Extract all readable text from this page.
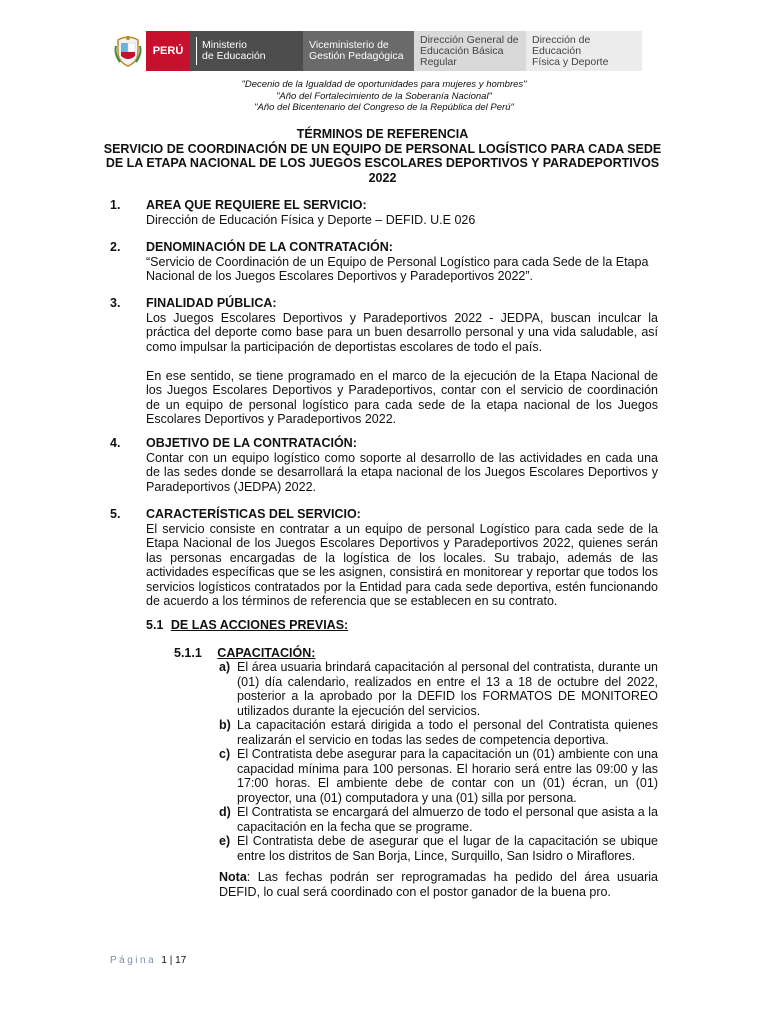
PERÚ	Ministerio
de Educación
Viceministerio de
Gestión Pedagógica
Dirección General de
Educación Básica Regular
Dirección de Educación
Física y Deporte
"Decenio de la Igualdad de oportunidades para mujeres y hombres"
"Año del Fortalecimiento de la Soberanía Nacional"
"Año del Bicentenario del Congreso de la República del Perú"
TÉRMINOS DE REFERENCIA
SERVICIO DE COORDINACIÓN DE UN EQUIPO DE PERSONAL LOGÍSTICO PARA CADA SEDE DE LA ETAPA NACIONAL DE LOS JUEGOS ESCOLARES DEPORTIVOS Y PARADEPORTIVOS 2022
1. AREA QUE REQUIERE EL SERVICIO:
Dirección de Educación Física y Deporte – DEFID. U.E 026
2. DENOMINACIÓN DE LA CONTRATACIÓN:
“Servicio de Coordinación de un Equipo de Personal Logístico para cada Sede de la Etapa Nacional de los Juegos Escolares Deportivos y Paradeportivos 2022”.
3. FINALIDAD PÚBLICA:
Los Juegos Escolares Deportivos y Paradeportivos 2022 - JEDPA, buscan inculcar la práctica del deporte como base para un buen desarrollo personal y una vida saludable, así como impulsar la participación de deportistas escolares de todo el país.
En ese sentido, se tiene programado en el marco de la ejecución de la Etapa Nacional de los Juegos Escolares Deportivos y Paradeportivos, contar con el servicio de coordinación de un equipo de personal logístico para cada sede de la etapa nacional de los Juegos Escolares Deportivos y Paradeportivos 2022.
4. OBJETIVO DE LA CONTRATACIÓN:
Contar con un equipo logístico como soporte al desarrollo de las actividades en cada una de las sedes donde se desarrollará la etapa nacional de los Juegos Escolares Deportivos y Paradeportivos (JEDPA) 2022.
5. CARACTERÍSTICAS DEL SERVICIO:
El servicio consiste en contratar a un equipo de personal Logístico para cada sede de la Etapa Nacional de los Juegos Escolares Deportivos y Paradeportivos 2022, quienes serán las personas encargadas de la logística de los locales. Su trabajo, además de las actividades específicas que se les asignen, consistirá en monitorear y reportar que todos los servicios logísticos contratados por la Entidad para cada sede deportiva, estén funcionando de acuerdo a los términos de referencia que se establecen en su contrato.
5.1 DE LAS ACCIONES PREVIAS:
5.1.1 CAPACITACIÓN:
a) El área usuaria brindará capacitación al personal del contratista, durante un (01) día calendario, realizados en entre el 13 a 18 de octubre del 2022, posterior a la aprobado por la DEFID los FORMATOS DE MONITOREO utilizados durante la ejecución del servicios.
b) La capacitación estará dirigida a todo el personal del Contratista quienes realizarán el servicio en todas las sedes de competencia deportiva.
c) El Contratista debe asegurar para la capacitación un (01) ambiente con una capacidad mínima para 100 personas. El horario será entre las 09:00 y las 17:00 horas. El ambiente debe de contar con un (01) écran, un (01) proyector, una (01) computadora y una (01) silla por persona.
d) El Contratista se encargará del almuerzo de todo el personal que asista a la capacitación en la fecha que se programe.
e) El Contratista debe de asegurar que el lugar de la capacitación se ubique entre los distritos de San Borja, Lince, Surquillo, San Isidro o Miraflores.
Nota: Las fechas podrán ser reprogramadas ha pedido del área usuaria DEFID, lo cual será coordinado con el postor ganador de la buena pro.
Página 1 | 17
